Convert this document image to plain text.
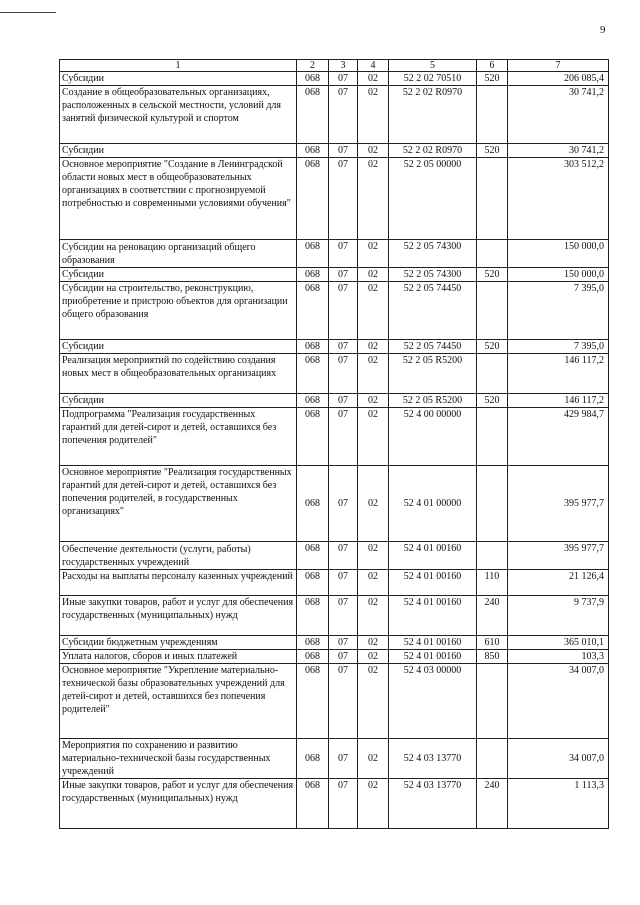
9
1	2	3	4	5	6	7
Субсидии	068	07	02	52 2 02 70510	520	206 085,4
Создание в общеобразовательных организациях, расположенных в сельской местности, условий для занятий физической культурой и спортом	068	07	02	52 2 02 R0970		30 741,2
Субсидии	068	07	02	52 2 02 R0970	520	30 741,2
Основное мероприятие "Создание в Ленинградской области новых мест в общеобразовательных организациях в соответствии с прогнозируемой потребностью и современными условиями обучения"	068	07	02	52 2 05 00000		303 512,2
Субсидии на реновацию организаций общего образования	068	07	02	52 2 05 74300		150 000,0
Субсидии	068	07	02	52 2 05 74300	520	150 000,0
Субсидии на строительство, реконструкцию, приобретение и пристрою объектов для организации общего образования	068	07	02	52 2 05 74450		7 395,0
Субсидии	068	07	02	52 2 05 74450	520	7 395,0
Реализация мероприятий по содействию создания новых мест в общеобразовательных организациях	068	07	02	52 2 05 R5200		146 117,2
Субсидии	068	07	02	52 2 05 R5200	520	146 117,2
Подпрограмма "Реализация государственных гарантий для детей-сирот и детей, оставшихся без попечения родителей"	068	07	02	52 4 00 00000		429 984,7
Основное мероприятие "Реализация государственных гарантий для детей-сирот и детей, оставшихся без попечения родителей, в государственных организациях"	068	07	02	52 4 01 00000		395 977,7
Обеспечение деятельности (услуги, работы) государственных учреждений	068	07	02	52 4 01 00160		395 977,7
Расходы на выплаты персоналу казенных учреждений	068	07	02	52 4 01 00160	110	21 126,4
Иные закупки товаров, работ и услуг для обеспечения государственных (муниципальных) нужд	068	07	02	52 4 01 00160	240	9 737,9
Субсидии бюджетным учреждениям	068	07	02	52 4 01 00160	610	365 010,1
Уплата налогов, сборов и иных платежей	068	07	02	52 4 01 00160	850	103,3
Основное мероприятие "Укрепление материально-технической базы образовательных учреждений для детей-сирот и детей, оставшихся без попечения родителей"	068	07	02	52 4 03 00000		34 007,0
Мероприятия по сохранению и развитию материально-технической базы государственных учреждений	068	07	02	52 4 03 13770		34 007,0
Иные закупки товаров, работ и услуг для обеспечения государственных (муниципальных) нужд	068	07	02	52 4 03 13770	240	1 113,3
